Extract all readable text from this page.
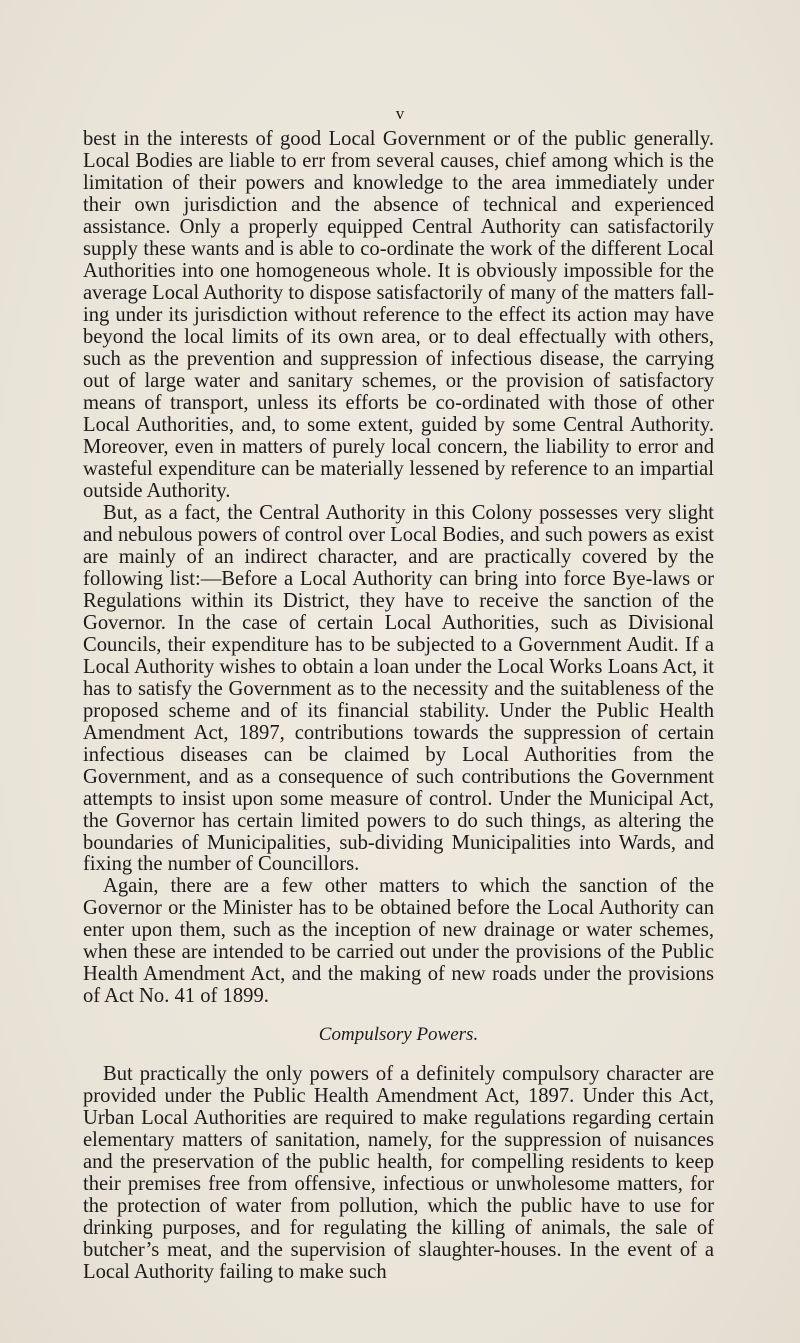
v

best in the interests of good Local Government or of the public generally. Local Bodies are liable to err from several causes, chief among which is the limitation of their powers and knowledge to the area immediately under their own jurisdiction and the absence of technical and experienced assistance. Only a properly equipped Central Authority can satisfactorily supply these wants and is able to co-ordinate the work of the different Local Authorities into one homogeneous whole. It is obviously impossible for the average Local Authority to dispose satisfactorily of many of the matters falling under its jurisdiction without reference to the effect its action may have beyond the local limits of its own area, or to deal effectually with others, such as the prevention and suppression of infectious disease, the carrying out of large water and sanitary schemes, or the provision of satisfactory means of transport, unless its efforts be co-ordinated with those of other Local Authorities, and, to some extent, guided by some Central Authority. Moreover, even in matters of purely local concern, the liability to error and wasteful expenditure can be materially lessened by reference to an impartial outside Authority.

But, as a fact, the Central Authority in this Colony possesses very slight and nebulous powers of control over Local Bodies, and such powers as exist are mainly of an indirect character, and are practically covered by the following list:—Before a Local Authority can bring into force Bye-laws or Regulations within its District, they have to receive the sanction of the Governor. In the case of certain Local Authorities, such as Divisional Councils, their expenditure has to be subjected to a Government Audit. If a Local Authority wishes to obtain a loan under the Local Works Loans Act, it has to satisfy the Government as to the necessity and the suitableness of the proposed scheme and of its financial stability. Under the Public Health Amendment Act, 1897, contributions towards the suppression of certain infectious diseases can be claimed by Local Authorities from the Government, and as a consequence of such contributions the Government attempts to insist upon some measure of control. Under the Municipal Act, the Governor has certain limited powers to do such things, as altering the boundaries of Municipalities, sub-dividing Municipalities into Wards, and fixing the number of Councillors.

Again, there are a few other matters to which the sanction of the Governor or the Minister has to be obtained before the Local Authority can enter upon them, such as the inception of new drainage or water schemes, when these are intended to be carried out under the provisions of the Public Health Amendment Act, and the making of new roads under the provisions of Act No. 41 of 1899.

Compulsory Powers.

But practically the only powers of a definitely compulsory character are provided under the Public Health Amendment Act, 1897. Under this Act, Urban Local Authorities are required to make regulations regarding certain elementary matters of sanitation, namely, for the suppression of nuisances and the preservation of the public health, for compelling residents to keep their premises free from offensive, infectious or unwholesome matters, for the protection of water from pollution, which the public have to use for drinking purposes, and for regulating the killing of animals, the sale of butcher’s meat, and the supervision of slaughter-houses. In the event of a Local Authority failing to make such
